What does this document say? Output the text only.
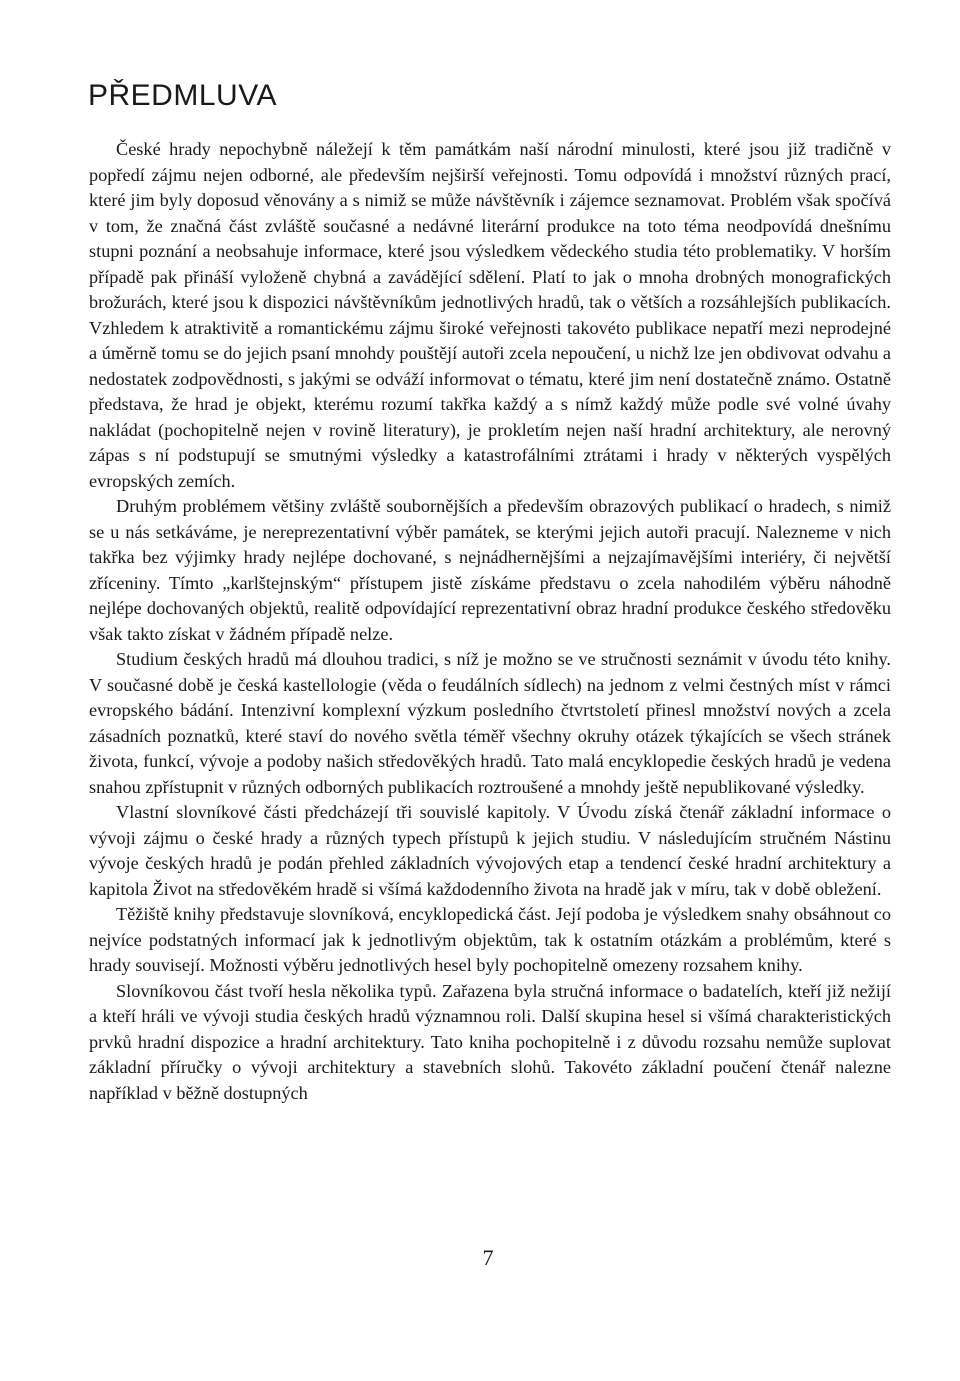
PŘEDMLUVA

České hrady nepochybně náležejí k těm památkám naší národní minulosti, které jsou již tradičně v popředí zájmu nejen odborné, ale především nejširší veřejnosti. Tomu odpovídá i množství různých prací, které jim byly doposud věnovány a s nimiž se může návštěvník i zájemce seznamovat. Problém však spočívá v tom, že značná část zvláště současné a nedávné literární produkce na toto téma neodpovídá dnešnímu stupni poznání a neobsahuje informace, které jsou výsledkem vědeckého studia této problematiky. V horším případě pak přináší vyloženě chybná a zavádějící sdělení. Platí to jak o mnoha drobných monografických brožurách, které jsou k dispozici návštěvníkům jednotlivých hradů, tak o větších a rozsáhlejších publikacích. Vzhledem k atraktivitě a romantickému zájmu široké veřejnosti takovéto publikace nepatří mezi neprodejné a úměrně tomu se do jejich psaní mnohdy pouštějí autoři zcela nepoučení, u nichž lze jen obdivovat odvahu a nedostatek zodpovědnosti, s jakými se odváží informovat o tématu, které jim není dostatečně známo. Ostatně představa, že hrad je objekt, kterému rozumí takřka každý a s nímž každý může podle své volné úvahy nakládat (pochopitelně nejen v rovině literatury), je prokletím nejen naší hradní architektury, ale nerovný zápas s ní podstupují se smutnými výsledky a katastrofálními ztrátami i hrady v některých vyspělých evropských zemích.

Druhým problémem většiny zvláště soubornějších a především obrazových publikací o hradech, s nimiž se u nás setkáváme, je nereprezentativní výběr památek, se kterými jejich autoři pracují. Nalezneme v nich takřka bez výjimky hrady nejlépe dochované, s nejnádhernějšími a nejzajímavějšími interiéry, či největší zříceniny. Tímto „karlštejnským“ přístupem jistě získáme představu o zcela nahodilém výběru náhodně nejlépe dochovaných objektů, realitě odpovídající reprezentativní obraz hradní produkce českého středověku však takto získat v žádném případě nelze.

Studium českých hradů má dlouhou tradici, s níž je možno se ve stručnosti seznámit v úvodu této knihy. V současné době je česká kastellologie (věda o feudálních sídlech) na jednom z velmi čestných míst v rámci evropského bádání. Intenzivní komplexní výzkum posledního čtvrtstoletí přinesl množství nových a zcela zásadních poznatků, které staví do nového světla téměř všechny okruhy otázek týkajících se všech stránek života, funkcí, vývoje a podoby našich středověkých hradů. Tato malá encyklopedie českých hradů je vedena snahou zpřístupnit v různých odborných publikacích roztroušené a mnohdy ještě nepublikované výsledky.

Vlastní slovníkové části předcházejí tři souvislé kapitoly. V Úvodu získá čtenář základní informace o vývoji zájmu o české hrady a různých typech přístupů k jejich studiu. V následujícím stručném Nástinu vývoje českých hradů je podán přehled základních vývojových etap a tendencí české hradní architektury a kapitola Život na středověkém hradě si všímá každodenního života na hradě jak v míru, tak v době obležení.

Těžiště knihy představuje slovníková, encyklopedická část. Její podoba je výsledkem snahy obsáhnout co nejvíce podstatných informací jak k jednotlivým objektům, tak k ostatním otázkám a problémům, které s hrady souvisejí. Možnosti výběru jednotlivých hesel byly pochopitelně omezeny rozsahem knihy.

Slovníkovou část tvoří hesla několika typů. Zařazena byla stručná informace o badatelích, kteří již nežijí a kteří hráli ve vývoji studia českých hradů významnou roli. Další skupina hesel si všímá charakteristických prvků hradní dispozice a hradní architektury. Tato kniha pochopitelně i z důvodu rozsahu nemůže suplovat základní příručky o vývoji architektury a stavebních slohů. Takovéto základní poučení čtenář nalezne například v běžně dostupných

7
